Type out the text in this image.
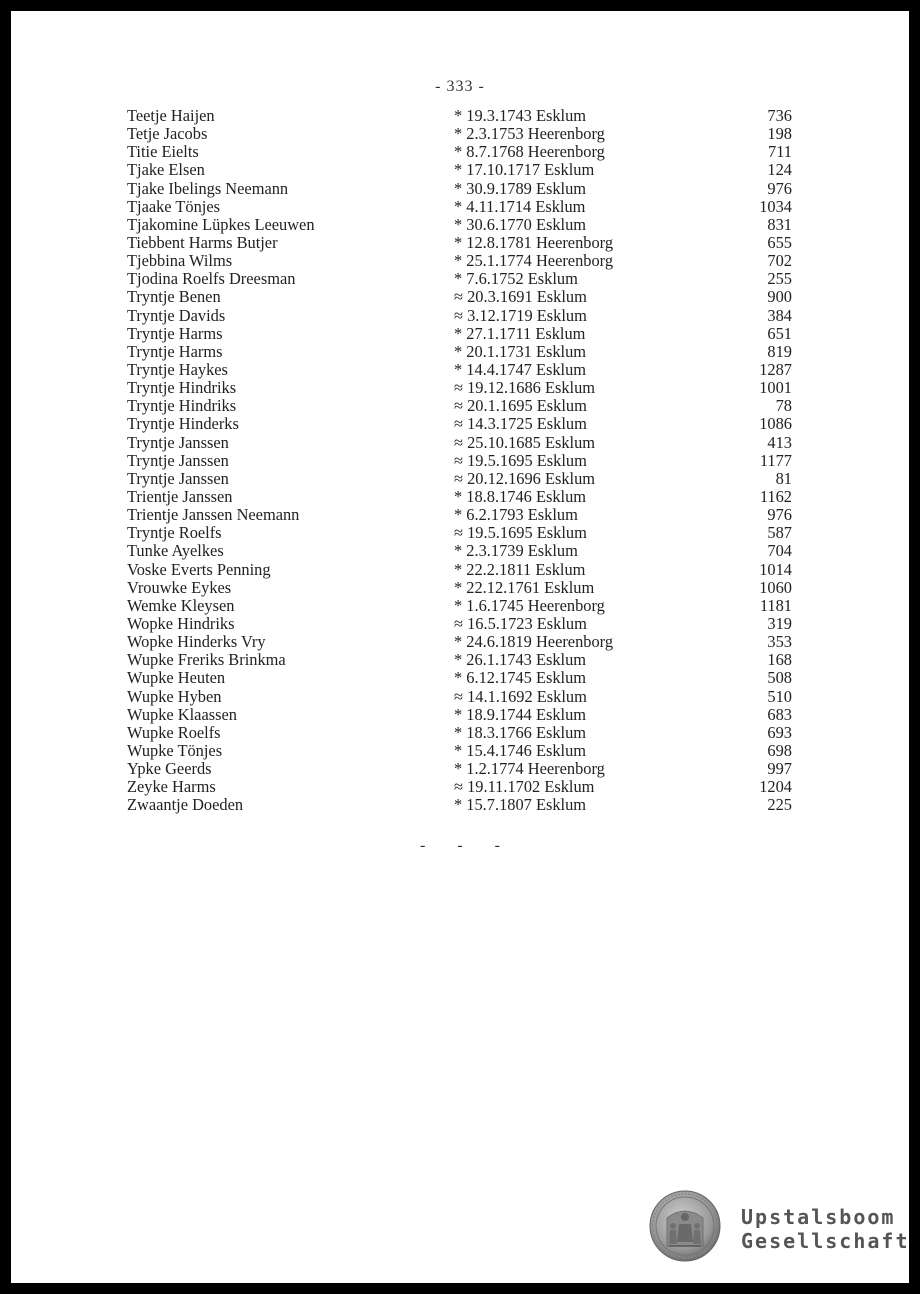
- 333 -
Teetje Haijen	* 19.3.1743 Esklum	736
Tetje Jacobs	* 2.3.1753 Heerenborg	198
Titie Eielts	* 8.7.1768 Heerenborg	711
Tjake Elsen	* 17.10.1717 Esklum	124
Tjake Ibelings Neemann	* 30.9.1789 Esklum	976
Tjaake Tönjes	* 4.11.1714 Esklum	1034
Tjakomine Lüpkes Leeuwen	* 30.6.1770 Esklum	831
Tiebbent Harms Butjer	* 12.8.1781 Heerenborg	655
Tjebbina Wilms	* 25.1.1774 Heerenborg	702
Tjodina Roelfs Dreesman	* 7.6.1752 Esklum	255
Tryntje Benen	≈ 20.3.1691 Esklum	900
Tryntje Davids	≈ 3.12.1719 Esklum	384
Tryntje Harms	* 27.1.1711 Esklum	651
Tryntje Harms	* 20.1.1731 Esklum	819
Tryntje Haykes	* 14.4.1747 Esklum	1287
Tryntje Hindriks	≈ 19.12.1686 Esklum	1001
Tryntje Hindriks	≈ 20.1.1695 Esklum	78
Tryntje Hinderks	≈ 14.3.1725 Esklum	1086
Tryntje Janssen	≈ 25.10.1685 Esklum	413
Tryntje Janssen	≈ 19.5.1695 Esklum	1177
Tryntje Janssen	≈ 20.12.1696 Esklum	81
Trientje Janssen	* 18.8.1746 Esklum	1162
Trientje Janssen Neemann	* 6.2.1793 Esklum	976
Tryntje Roelfs	≈ 19.5.1695 Esklum	587
Tunke Ayelkes	* 2.3.1739 Esklum	704
Voske Everts Penning	* 22.2.1811 Esklum	1014
Vrouwke Eykes	* 22.12.1761 Esklum	1060
Wemke Kleysen	* 1.6.1745 Heerenborg	1181
Wopke Hindriks	≈ 16.5.1723 Esklum	319
Wopke Hinderks Vry	* 24.6.1819 Heerenborg	353
Wupke Freriks Brinkma	* 26.1.1743 Esklum	168
Wupke Heuten	* 6.12.1745 Esklum	508
Wupke Hyben	≈ 14.1.1692 Esklum	510
Wupke Klaassen	* 18.9.1744 Esklum	683
Wupke Roelfs	* 18.3.1766 Esklum	693
Wupke Tönjes	* 15.4.1746 Esklum	698
Ypke Geerds	* 1.2.1774 Heerenborg	997
Zeyke Harms	≈ 19.11.1702 Esklum	1204
Zwaantje Doeden	* 15.7.1807 Esklum	225
- - -
Upstalsboom
Gesellschaft
